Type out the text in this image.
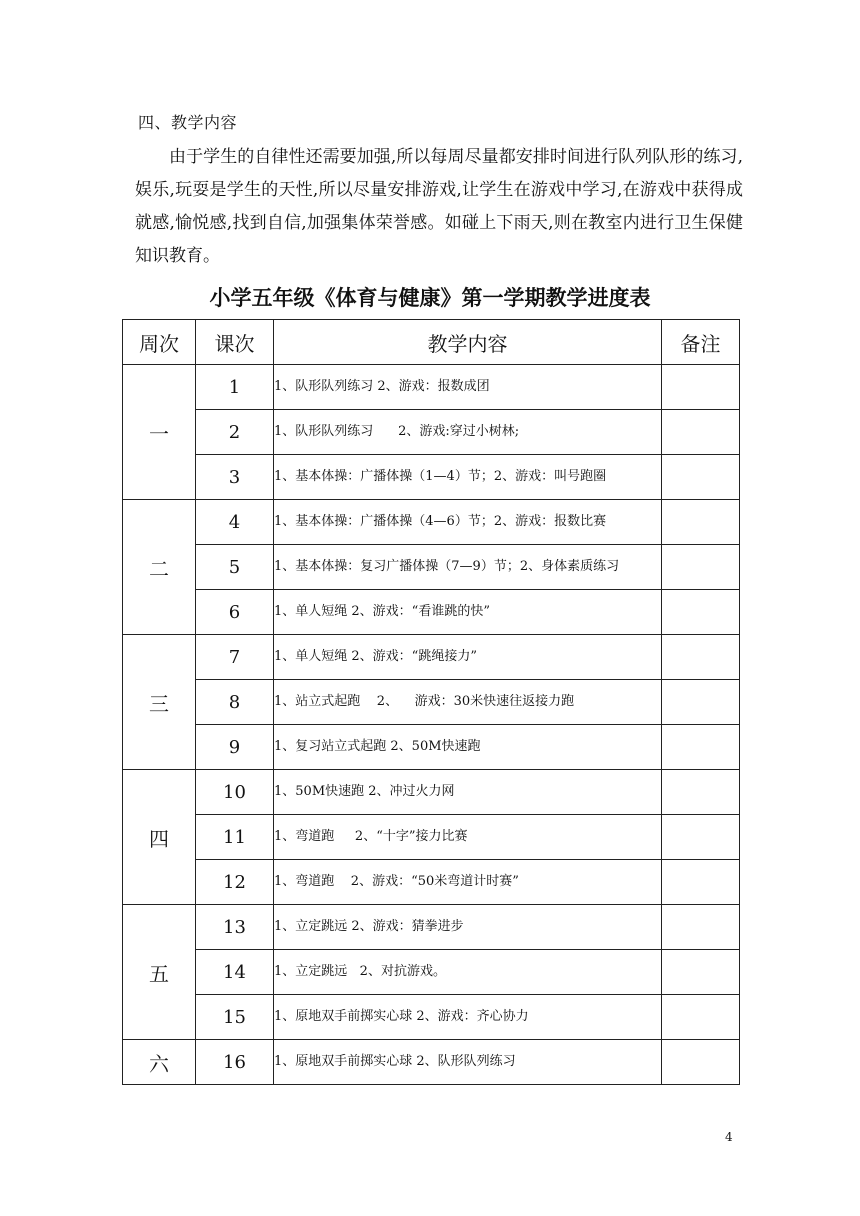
四、教学内容
由于学生的自律性还需要加强,所以每周尽量都安排时间进行队列队形的练习,娱乐,玩耍是学生的天性,所以尽量安排游戏,让学生在游戏中学习,在游戏中获得成就感,愉悦感,找到自信,加强集体荣誉感。如碰上下雨天,则在教室内进行卫生保健知识教育。
小学五年级《体育与健康》第一学期教学进度表
周次	课次	教学内容	备注
一	1	1、队形队列练习 2、游戏：报数成团	
	2	1、队形队列练习      2、游戏:穿过小树林;	
	3	1、基本体操：广播体操（1—4）节；2、游戏：叫号跑圈	
二	4	1、基本体操：广播体操（4—6）节；2、游戏：报数比赛	
	5	1、基本体操：复习广播体操（7—9）节；2、身体素质练习	
	6	1、单人短绳 2、游戏：“看谁跳的快”	
三	7	1、单人短绳 2、游戏：“跳绳接力”	
	8	1、站立式起跑    2、    游戏：30米快速往返接力跑	
	9	1、复习站立式起跑 2、50M快速跑	
四	10	1、50M快速跑 2、冲过火力网	
	11	1、弯道跑     2、“十字”接力比赛	
	12	1、弯道跑    2、游戏：“50米弯道计时赛”	
五	13	1、立定跳远 2、游戏：猜拳进步	
	14	1、立定跳远   2、对抗游戏。	
	15	1、原地双手前掷实心球 2、游戏：齐心协力	
六	16	1、原地双手前掷实心球 2、队形队列练习	
4
